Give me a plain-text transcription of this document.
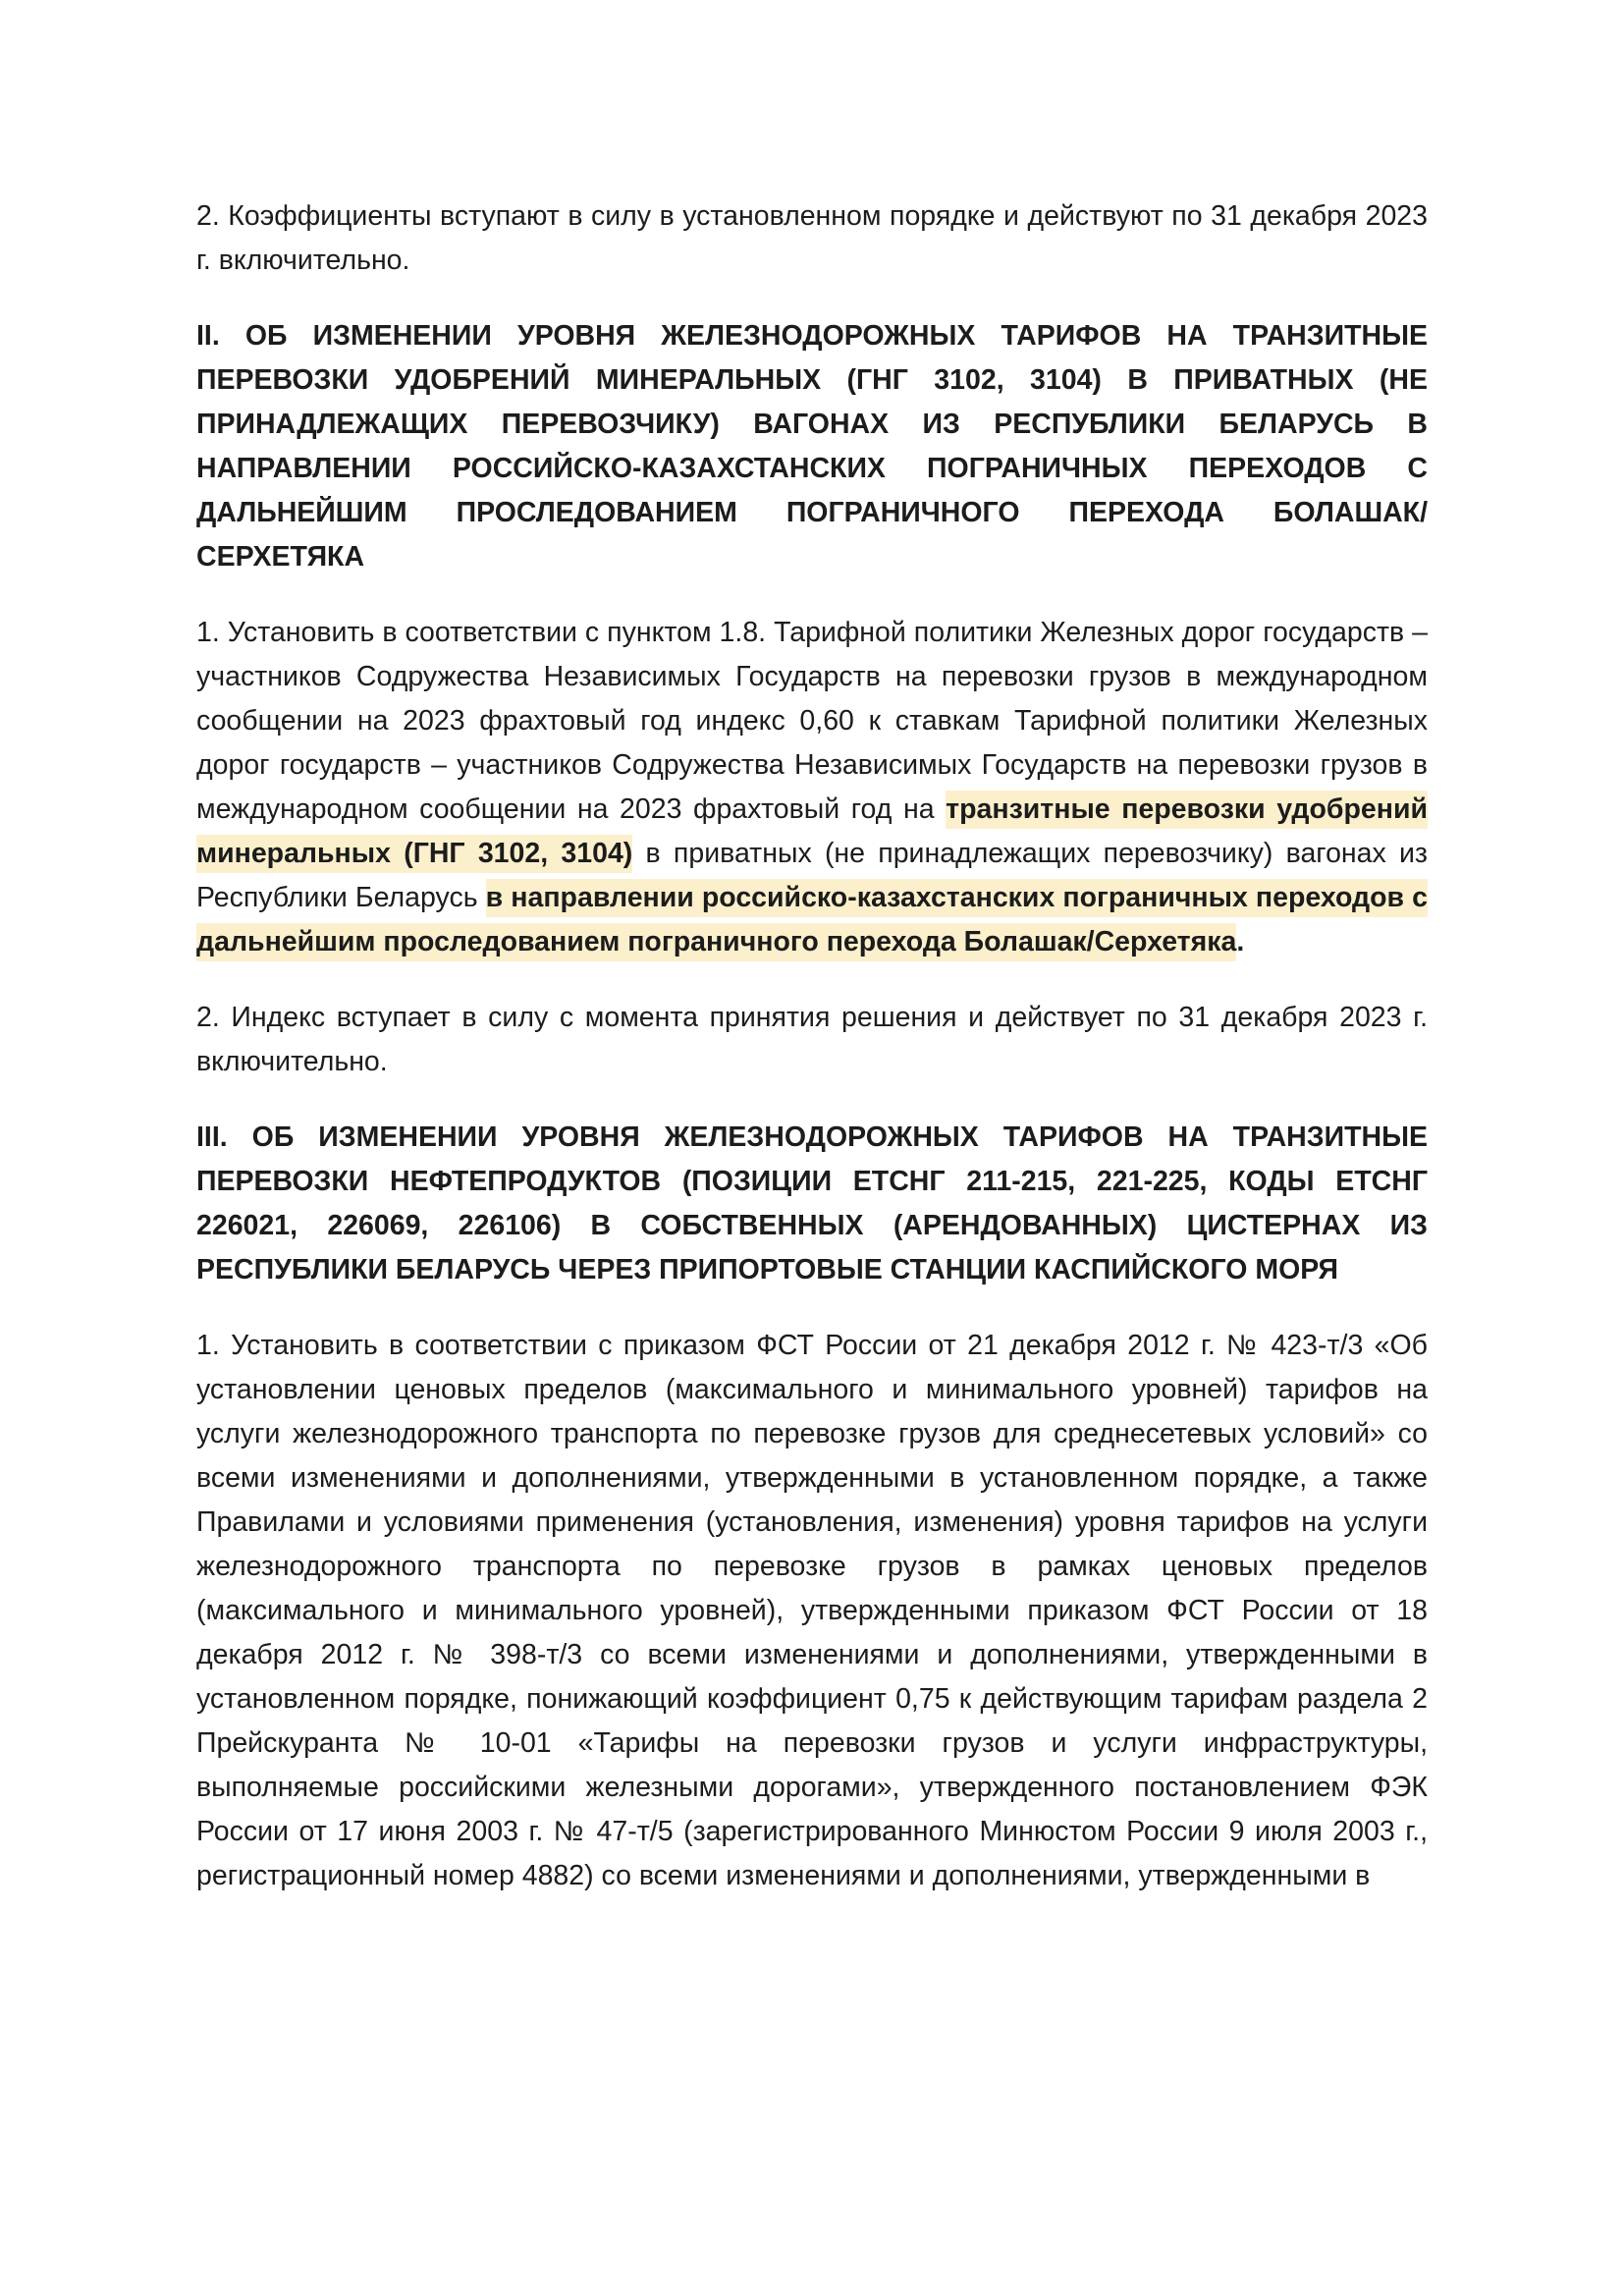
2. Коэффициенты вступают в силу в установленном порядке и действуют по 31 декабря 2023 г. включительно.

II. ОБ ИЗМЕНЕНИИ УРОВНЯ ЖЕЛЕЗНОДОРОЖНЫХ ТАРИФОВ НА ТРАНЗИТНЫЕ ПЕРЕВОЗКИ УДОБРЕНИЙ МИНЕРАЛЬНЫХ (ГНГ 3102, 3104) В ПРИВАТНЫХ (НЕ ПРИНАДЛЕЖАЩИХ ПЕРЕВОЗЧИКУ) ВАГОНАХ ИЗ РЕСПУБЛИКИ БЕЛАРУСЬ В НАПРАВЛЕНИИ РОССИЙСКО-КАЗАХСТАНСКИХ ПОГРАНИЧНЫХ ПЕРЕХОДОВ С ДАЛЬНЕЙШИМ ПРОСЛЕДОВАНИЕМ ПОГРАНИЧНОГО ПЕРЕХОДА БОЛАШАК/СЕРХЕТЯКА

1. Установить в соответствии с пунктом 1.8. Тарифной политики Железных дорог государств – участников Содружества Независимых Государств на перевозки грузов в международном сообщении на 2023 фрахтовый год индекс 0,60 к ставкам Тарифной политики Железных дорог государств – участников Содружества Независимых Государств на перевозки грузов в международном сообщении на 2023 фрахтовый год на транзитные перевозки удобрений минеральных (ГНГ 3102, 3104) в приватных (не принадлежащих перевозчику) вагонах из Республики Беларусь в направлении российско-казахстанских пограничных переходов с дальнейшим проследованием пограничного перехода Болашак/Серхетяка.

2. Индекс вступает в силу с момента принятия решения и действует по 31 декабря 2023 г. включительно.

III. ОБ ИЗМЕНЕНИИ УРОВНЯ ЖЕЛЕЗНОДОРОЖНЫХ ТАРИФОВ НА ТРАНЗИТНЫЕ ПЕРЕВОЗКИ НЕФТЕПРОДУКТОВ (ПОЗИЦИИ ЕТСНГ 211-215, 221-225, КОДЫ ЕТСНГ 226021, 226069, 226106) В СОБСТВЕННЫХ (АРЕНДОВАННЫХ) ЦИСТЕРНАХ ИЗ РЕСПУБЛИКИ БЕЛАРУСЬ ЧЕРЕЗ ПРИПОРТОВЫЕ СТАНЦИИ КАСПИЙСКОГО МОРЯ

1. Установить в соответствии с приказом ФСТ России от 21 декабря 2012 г. № 423-т/3 «Об установлении ценовых пределов (максимального и минимального уровней) тарифов на услуги железнодорожного транспорта по перевозке грузов для среднесетевых условий» со всеми изменениями и дополнениями, утвержденными в установленном порядке, а также Правилами и условиями применения (установления, изменения) уровня тарифов на услуги железнодорожного транспорта по перевозке грузов в рамках ценовых пределов (максимального и минимального уровней), утвержденными приказом ФСТ России от 18 декабря 2012 г. № 398-т/3 со всеми изменениями и дополнениями, утвержденными в установленном порядке, понижающий коэффициент 0,75 к действующим тарифам раздела 2 Прейскуранта № 10-01 «Тарифы на перевозки грузов и услуги инфраструктуры, выполняемые российскими железными дорогами», утвержденного постановлением ФЭК России от 17 июня 2003 г. № 47-т/5 (зарегистрированного Минюстом России 9 июля 2003 г., регистрационный номер 4882) со всеми изменениями и дополнениями, утвержденными в
